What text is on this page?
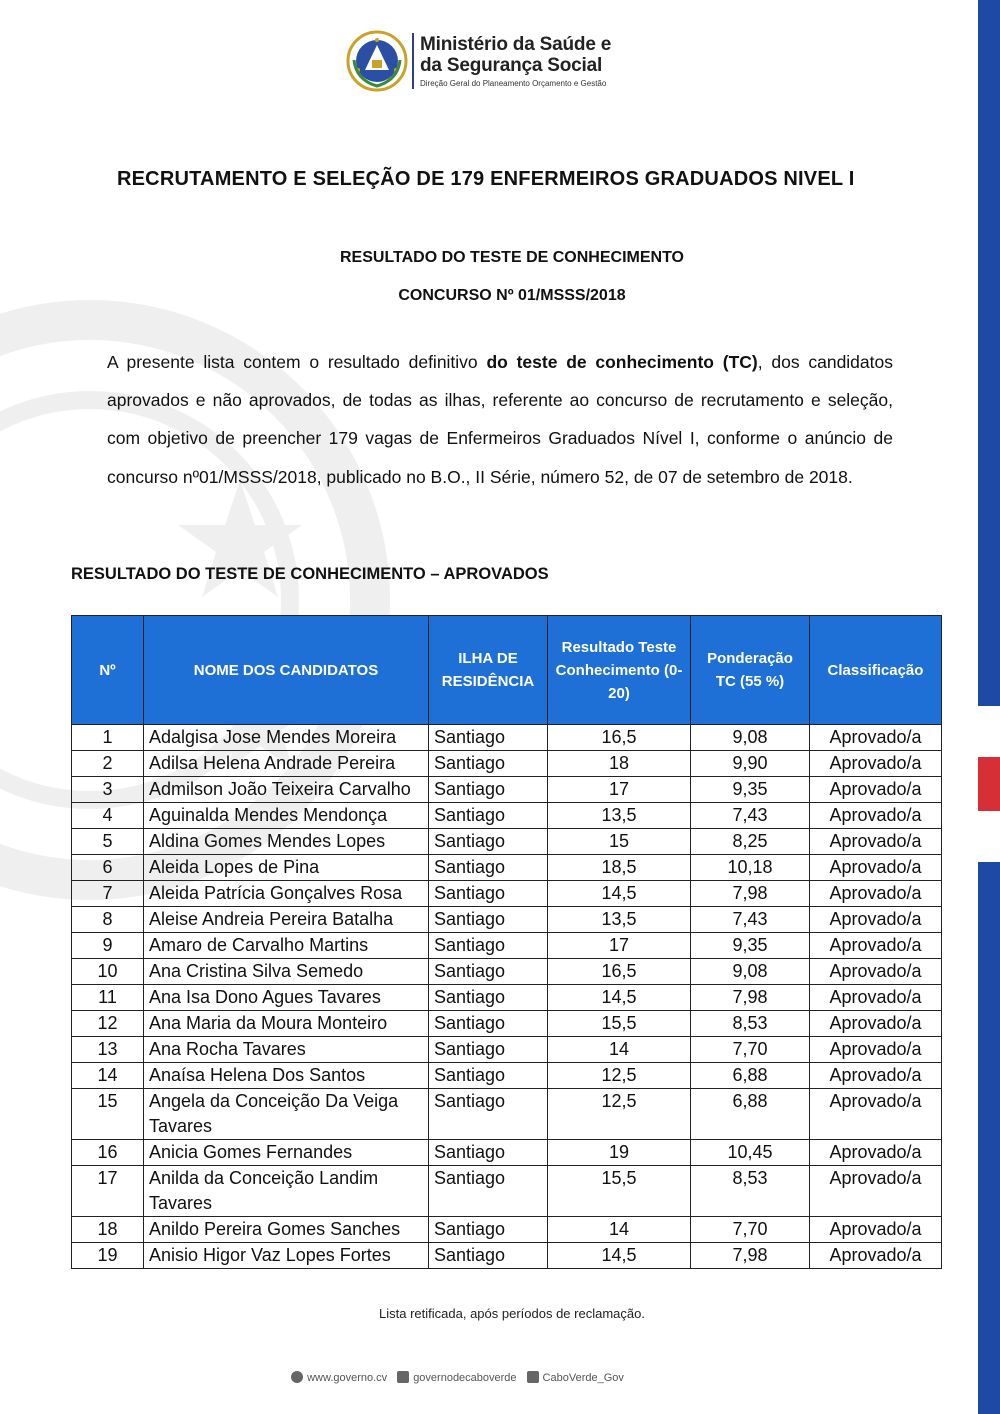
Ministério da Saúde e
da Segurança Social
Direção Geral do Planeamento Orçamento e Gestão
RECRUTAMENTO E SELEÇÃO DE 179 ENFERMEIROS GRADUADOS NIVEL I
RESULTADO DO TESTE DE CONHECIMENTO
CONCURSO Nº 01/MSSS/2018

A presente lista contem o resultado definitivo do teste de conhecimento (TC), dos candidatos aprovados e não aprovados, de todas as ilhas, referente ao concurso de recrutamento e seleção, com objetivo de preencher 179 vagas de Enfermeiros Graduados Nível I, conforme o anúncio de concurso nº01/MSSS/2018, publicado no B.O., II Série, número 52, de 07 de setembro de 2018.

RESULTADO DO TESTE DE CONHECIMENTO – APROVADOS
Nº	NOME DOS CANDIDATOS	ILHA DE RESIDÊNCIA	Resultado Teste Conhecimento (0-20)	Ponderação TC (55 %)	Classificação
1	Adalgisa Jose Mendes Moreira	Santiago	16,5	9,08	Aprovado/a
2	Adilsa Helena Andrade Pereira	Santiago	18	9,90	Aprovado/a
3	Admilson João Teixeira Carvalho	Santiago	17	9,35	Aprovado/a
4	Aguinalda Mendes Mendonça	Santiago	13,5	7,43	Aprovado/a
5	Aldina Gomes Mendes Lopes	Santiago	15	8,25	Aprovado/a
6	Aleida Lopes de Pina	Santiago	18,5	10,18	Aprovado/a
7	Aleida Patrícia Gonçalves Rosa	Santiago	14,5	7,98	Aprovado/a
8	Aleise Andreia Pereira Batalha	Santiago	13,5	7,43	Aprovado/a
9	Amaro de Carvalho Martins	Santiago	17	9,35	Aprovado/a
10	Ana Cristina Silva Semedo	Santiago	16,5	9,08	Aprovado/a
11	Ana Isa Dono Agues Tavares	Santiago	14,5	7,98	Aprovado/a
12	Ana Maria da Moura Monteiro	Santiago	15,5	8,53	Aprovado/a
13	Ana Rocha Tavares	Santiago	14	7,70	Aprovado/a
14	Anaísa Helena Dos Santos	Santiago	12,5	6,88	Aprovado/a
15	Angela da Conceição Da Veiga Tavares	Santiago	12,5	6,88	Aprovado/a
16	Anicia Gomes Fernandes	Santiago	19	10,45	Aprovado/a
17	Anilda da Conceição Landim Tavares	Santiago	15,5	8,53	Aprovado/a
18	Anildo Pereira Gomes Sanches	Santiago	14	7,70	Aprovado/a
19	Anisio Higor Vaz Lopes Fortes	Santiago	14,5	7,98	Aprovado/a
Lista retificada, após períodos de reclamação.
www.governo.cv	governodecaboverde	CaboVerde_Gov
